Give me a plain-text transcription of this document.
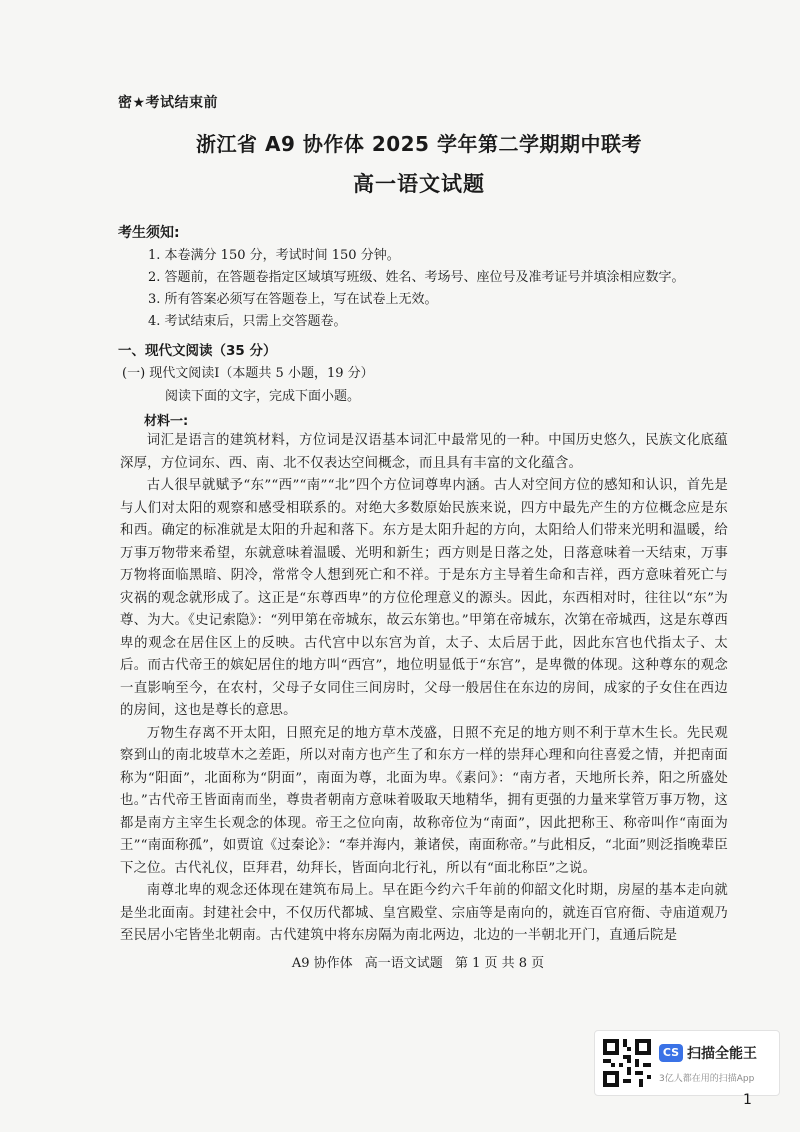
密★考试结束前
浙江省 A9 协作体 2025 学年第二学期期中联考
高一语文试题
考生须知:
1. 本卷满分 150 分，考试时间 150 分钟。
2. 答题前，在答题卷指定区域填写班级、姓名、考场号、座位号及准考证号并填涂相应数字。
3. 所有答案必须写在答题卷上，写在试卷上无效。
4. 考试结束后，只需上交答题卷。
一、现代文阅读（35 分）
(一) 现代文阅读Ⅰ（本题共 5 小题，19 分）
阅读下面的文字，完成下面小题。
材料一:

词汇是语言的建筑材料，方位词是汉语基本词汇中最常见的一种。中国历史悠久，民族文化底蕴深厚，方位词东、西、南、北不仅表达空间概念，而且具有丰富的文化蕴含。

古人很早就赋予“东”“西”“南”“北”四个方位词尊卑内涵。古人对空间方位的感知和认识，首先是与人们对太阳的观察和感受相联系的。对绝大多数原始民族来说，四方中最先产生的方位概念应是东和西。确定的标准就是太阳的升起和落下。东方是太阳升起的方向，太阳给人们带来光明和温暖，给万事万物带来希望，东就意味着温暖、光明和新生；西方则是日落之处，日落意味着一天结束，万事万物将面临黑暗、阴冷，常常令人想到死亡和不祥。于是东方主导着生命和吉祥，西方意味着死亡与灾祸的观念就形成了。这正是“东尊西卑”的方位伦理意义的源头。因此，东西相对时，往往以“东”为尊、为大。《史记索隐》：“列甲第在帝城东，故云东第也。”甲第在帝城东，次第在帝城西，这是东尊西卑的观念在居住区上的反映。古代宫中以东宫为首，太子、太后居于此，因此东宫也代指太子、太后。而古代帝王的嫔妃居住的地方叫“西宫”，地位明显低于“东宫”，是卑微的体现。这种尊东的观念一直影响至今，在农村，父母子女同住三间房时，父母一般居住在东边的房间，成家的子女住在西边的房间，这也是尊长的意思。

万物生存离不开太阳，日照充足的地方草木茂盛，日照不充足的地方则不利于草木生长。先民观察到山的南北坡草木之差距，所以对南方也产生了和东方一样的崇拜心理和向往喜爱之情，并把南面称为“阳面”，北面称为“阴面”，南面为尊，北面为卑。《素问》：“南方者，天地所长养，阳之所盛处也。”古代帝王皆面南而坐，尊贵者朝南方意味着吸取天地精华，拥有更强的力量来掌管万事万物，这都是南方主宰生长观念的体现。帝王之位向南，故称帝位为“南面”，因此把称王、称帝叫作“南面为王”“南面称孤”，如贾谊《过秦论》：“奉并海内，兼诸侯，南面称帝。”与此相反，“北面”则泛指晚辈臣下之位。古代礼仪，臣拜君，幼拜长，皆面向北行礼，所以有“面北称臣”之说。

南尊北卑的观念还体现在建筑布局上。早在距今约六千年前的仰韶文化时期，房屋的基本走向就是坐北面南。封建社会中，不仅历代都城、皇宫殿堂、宗庙等是南向的，就连百官府衙、寺庙道观乃至民居小宅皆坐北朝南。古代建筑中将东房隔为南北两边，北边的一半朝北开门，直通后院是

A9 协作体 高一语文试题 第 1 页 共 8 页
CS 扫描全能王
3亿人都在用的扫描App
1
